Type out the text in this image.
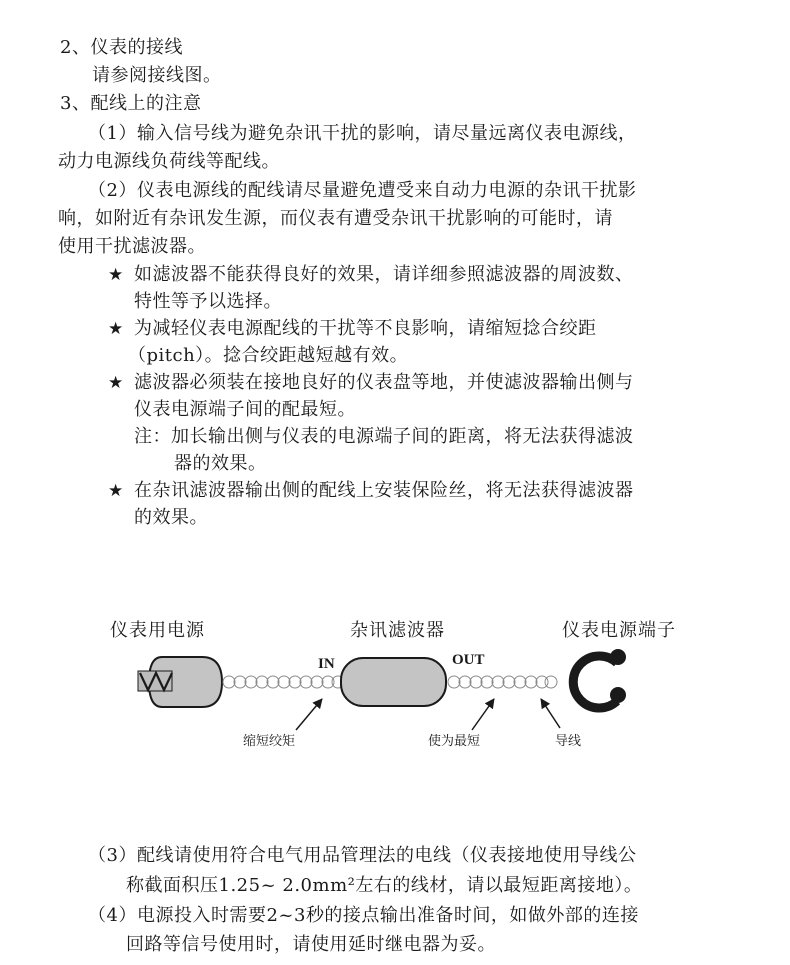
2、仪表的接线
请参阅接线图。
3、配线上的注意
（1）输入信号线为避免杂讯干扰的影响，请尽量远离仪表电源线，
动力电源线负荷线等配线。
（2）仪表电源线的配线请尽量避免遭受来自动力电源的杂讯干扰影
响，如附近有杂讯发生源，而仪表有遭受杂讯干扰影响的可能时，请
使用干扰滤波器。
★ 如滤波器不能获得良好的效果，请详细参照滤波器的周波数、
特性等予以选择。
★ 为减轻仪表电源配线的干扰等不良影响，请缩短捻合绞距
（pitch）。捻合绞距越短越有效。
★ 滤波器必须装在接地良好的仪表盘等地，并使滤波器输出侧与
仪表电源端子间的配最短。
注：加长输出侧与仪表的电源端子间的距离，将无法获得滤波
器的效果。
★ 在杂讯滤波器输出侧的配线上安装保险丝，将无法获得滤波器
的效果。
仪表用电源	杂讯滤波器	仪表电源端子
IN	OUT
缩短绞矩	使为最短	导线
（3）配线请使用符合电气用品管理法的电线（仪表接地使用导线公
称截面积压1.25~ 2.0mm²左右的线材，请以最短距离接地）。
（4）电源投入时需要2~3秒的接点输出准备时间，如做外部的连接
回路等信号使用时，请使用延时继电器为妥。
